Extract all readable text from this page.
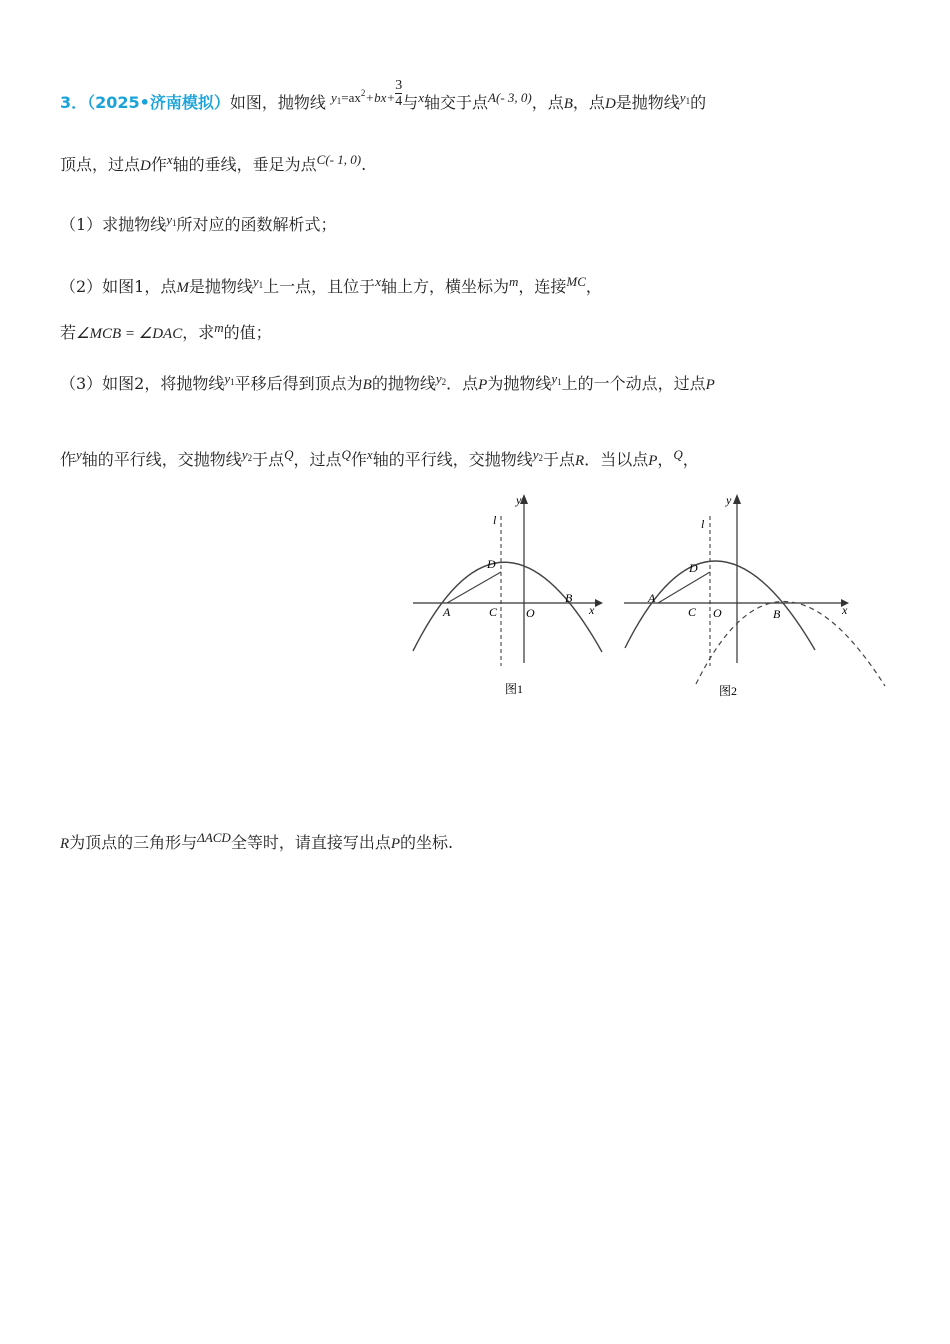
3．（2025•济南模拟）如图，抛物线 $^{y1=ax2+bx+} \frac{3}{4}$ 与$^x$轴交于点$^{A(- 3, 0)}$，点B，点D是抛物线$^{y1}$的
顶点，过点D作$^x$轴的垂线，垂足为点$^{C(- 1, 0)}$.
（1）求抛物线$^{y1}$所对应的函数解析式；
（2）如图1，点M是抛物线$^{y1}$上一点，且位于$^x$轴上方，横坐标为$^m$，连接$^{MC}$，
若∠MCB = ∠DAC，求$^m$的值；
（3）如图2，将抛物线$^{y1}$平移后得到顶点为B的抛物线$^{y2}$．点P为抛物线$^{y1}$上的一个动点，过点P
作$^y$轴的平行线，交抛物线$^{y2}$于点$^Q$，过点$^Q$作$^x$轴的平行线，交抛物线$^{y2}$于点R．当以点P，$^Q$，
y
x
l
D
A	C O
B
图1
y
x
l
D
A
C O	B
图2
R为顶点的三角形与$^{\Delta ACD}$全等时，请直接写出点P的坐标.
